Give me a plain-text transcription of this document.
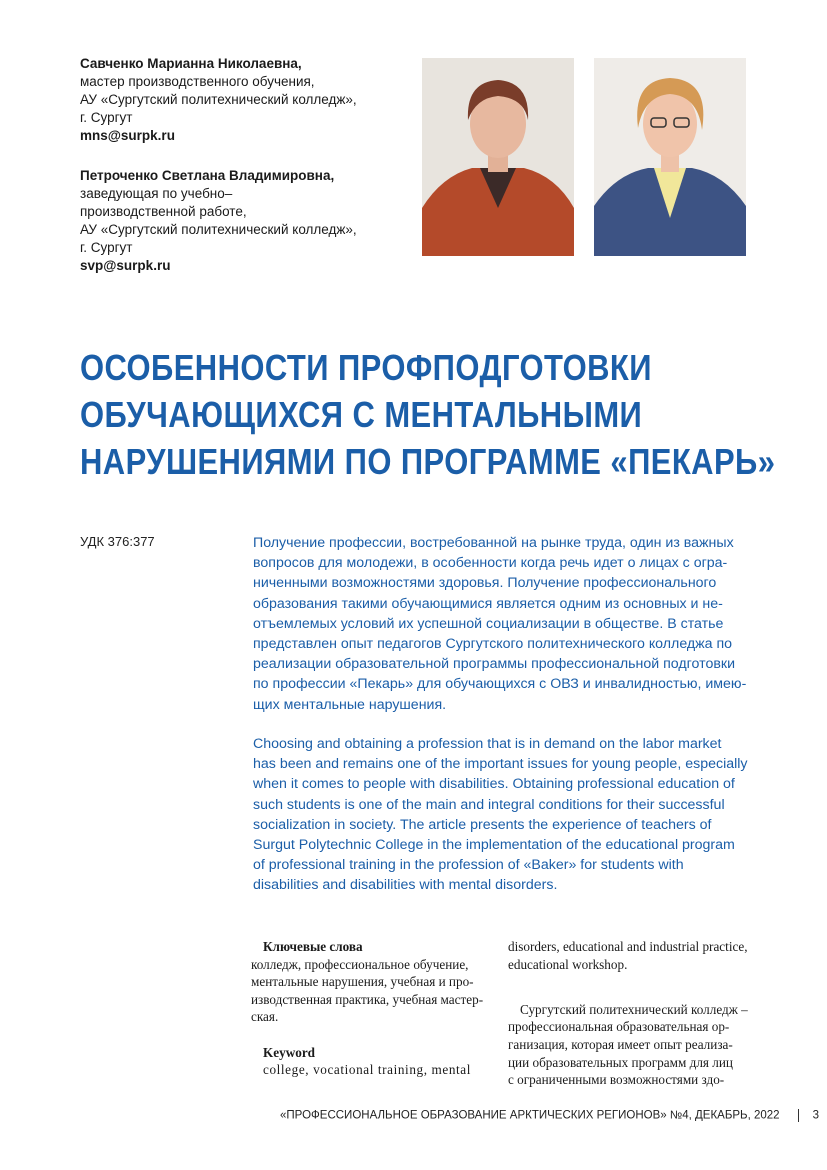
Савченко Марианна Николаевна,
мастер производственного обучения,
АУ «Сургутский политехнический колледж»,
г. Сургут
mns@surpk.ru
Петроченко Светлана Владимировна,
заведующая по учебно–
производственной работе,
АУ «Сургутский политехнический колледж»,
г. Сургут
svp@surpk.ru
ОСОБЕННОСТИ ПРОФПОДГОТОВКИ
ОБУЧАЮЩИХСЯ С МЕНТАЛЬНЫМИ
НАРУШЕНИЯМИ ПО ПРОГРАММЕ «ПЕКАРЬ»
УДК 376:377	Получение профессии, востребованной на рынке труда, один из важных
вопросов для молодежи, в особенности когда речь идет о лицах с огра-
ниченными возможностями здоровья. Получение профессионального
образования такими обучающимися является одним из основных и не-
отъемлемых условий их успешной социализации в обществе. В статье
представлен опыт педагогов Сургутского политехнического колледжа по
реализации образовательной программы профессиональной подготовки
по профессии «Пекарь» для обучающихся с ОВЗ и инвалидностью, имею-
щих ментальные нарушения.
Choosing and obtaining a profession that is in demand on the labor market
has been and remains one of the important issues for young people, especially
when it comes to people with disabilities. Obtaining professional education of
such students is one of the main and integral conditions for their successful
socialization in society. The article presents the experience of teachers of
Surgut Polytechnic College in the implementation of the educational program
of professional training in the profession of «Baker» for students with
disabilities and disabilities with mental disorders.
Ключевые слова
колледж, профессиональное обучение,
ментальные нарушения, учебная и про-
изводственная практика, учебная мастер-
ская.
Keyword
college, vocational training, mental
disorders, educational and industrial practice,
educational workshop.
Сургутский политехнический колледж –
профессиональная образовательная ор-
ганизация, которая имеет опыт реализа-
ции образовательных программ для лиц
с ограниченными возможностями здо-
«ПРОФЕССИОНАЛЬНОЕ ОБРАЗОВАНИЕ АРКТИЧЕСКИХ РЕГИОНОВ» №4, ДЕКАБРЬ, 2022	3
